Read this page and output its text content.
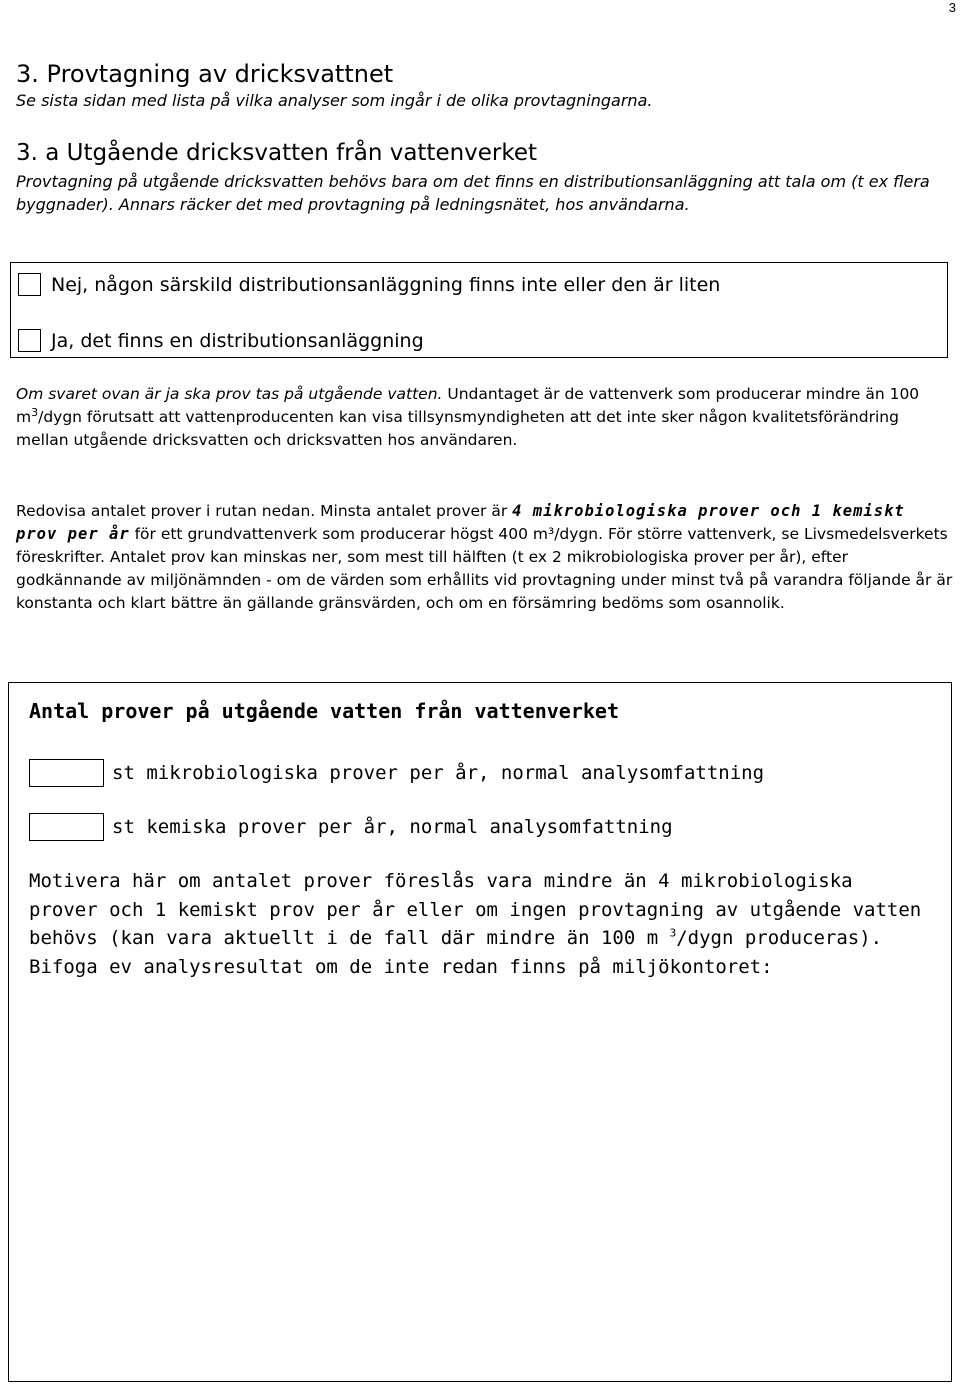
3
3. Provtagning av dricksvattnet
Se sista sidan med lista på vilka analyser som ingår i de olika provtagningarna.
3. a Utgående dricksvatten från vattenverket
Provtagning på utgående dricksvatten behövs bara om det finns en distributionsanläggning att tala om (t ex flera byggnader). Annars räcker det med provtagning på ledningsnätet, hos användarna.
Nej, någon särskild distributionsanläggning finns inte eller den är liten
Ja, det finns en distributionsanläggning
Om svaret ovan är ja ska prov tas på utgående vatten. Undantaget är de vattenverk som producerar mindre än 100 $m^3$/dygn förutsatt att vattenproducenten kan visa tillsynsmyndigheten att det inte sker någon kvalitetsförändring mellan utgående dricksvatten och dricksvatten hos användaren.
Redovisa antalet prover i rutan nedan. Minsta antalet prover är 4 mikrobiologiska prover och 1 kemiskt prov per år för ett grundvattenverk som producerar högst 400 m³/dygn. För större vattenverk, se Livsmedelsverkets föreskrifter. Antalet prov kan minskas ner, som mest till hälften (t ex 2 mikrobiologiska prover per år), efter godkännande av miljönämnden - om de värden som erhållits vid provtagning under minst två på varandra följande år är konstanta och klart bättre än gällande gränsvärden, och om en försämring bedöms som osannolik.
Antal prover på utgående vatten från vattenverket
st mikrobiologiska prover per år, normal analysomfattning
st kemiska prover per år, normal analysomfattning
Motivera här om antalet prover föreslås vara mindre än 4 mikrobiologiska prover och 1 kemiskt prov per år eller om ingen provtagning av utgående vatten behövs (kan vara aktuellt i de fall där mindre än 100 m $^3$/dygn produceras). Bifoga ev analysresultat om de inte redan finns på miljökontoret:
